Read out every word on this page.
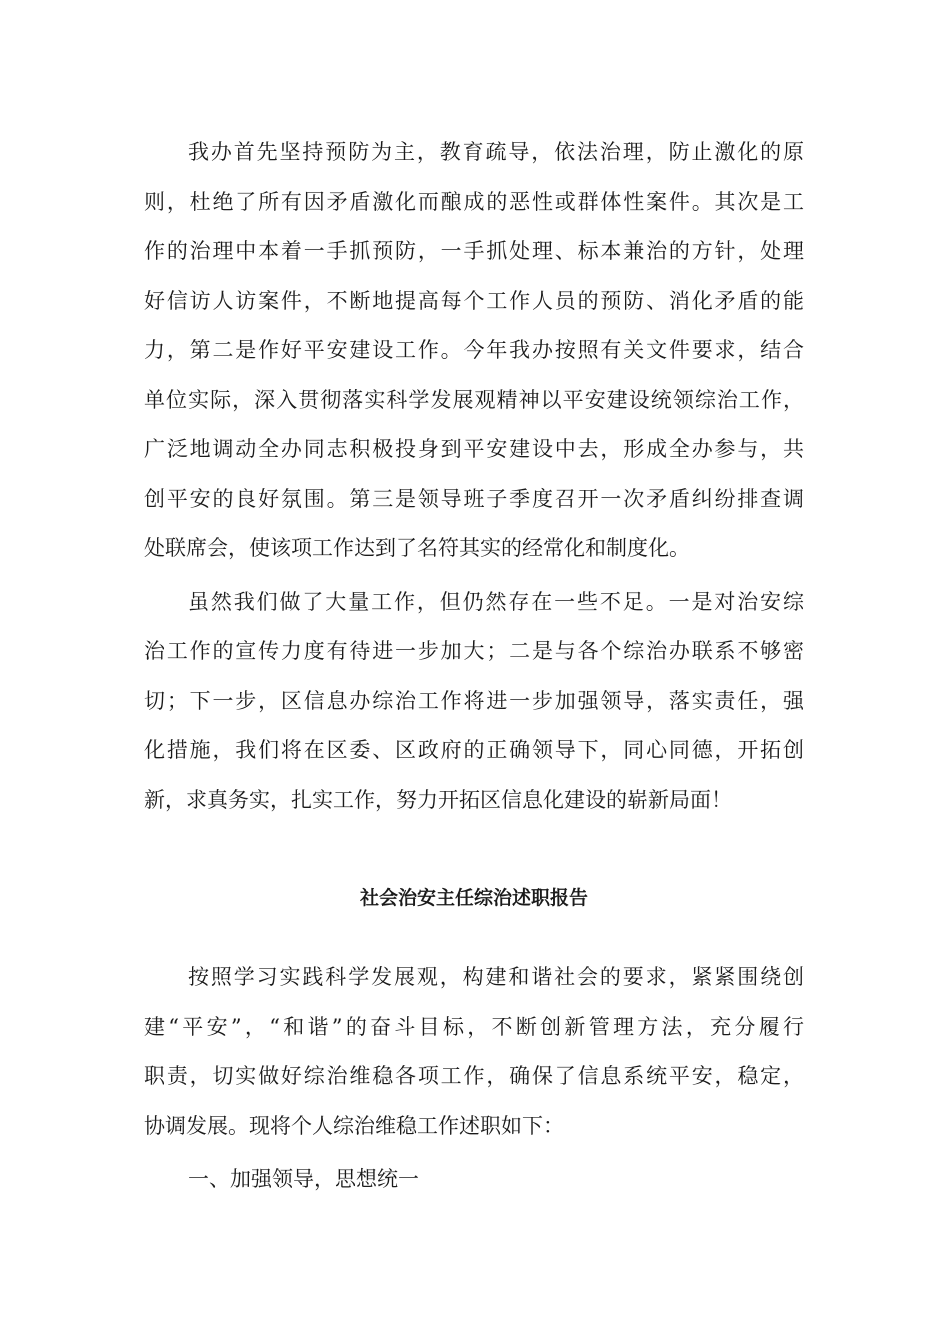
我办首先坚持预防为主，教育疏导，依法治理，防止激化的原
则，杜绝了所有因矛盾激化而酿成的恶性或群体性案件。其次是工
作的治理中本着一手抓预防，一手抓处理、标本兼治的方针，处理
好信访人访案件，不断地提高每个工作人员的预防、消化矛盾的能
力，第二是作好平安建设工作。今年我办按照有关文件要求，结合
单位实际，深入贯彻落实科学发展观精神以平安建设统领综治工作，
广泛地调动全办同志积极投身到平安建设中去，形成全办参与，共
创平安的良好氛围。第三是领导班子季度召开一次矛盾纠纷排查调
处联席会，使该项工作达到了名符其实的经常化和制度化。
虽然我们做了大量工作，但仍然存在一些不足。一是对治安综
治工作的宣传力度有待进一步加大；二是与各个综治办联系不够密
切；下一步，区信息办综治工作将进一步加强领导，落实责任，强
化措施，我们将在区委、区政府的正确领导下，同心同德，开拓创
新，求真务实，扎实工作，努力开拓区信息化建设的崭新局面！
社会治安主任综治述职报告
按照学习实践科学发展观，构建和谐社会的要求，紧紧围绕创
建“平安”，“和谐”的奋斗目标，不断创新管理方法，充分履行
职责，切实做好综治维稳各项工作，确保了信息系统平安，稳定，
协调发展。现将个人综治维稳工作述职如下：
一、加强领导，思想统一
